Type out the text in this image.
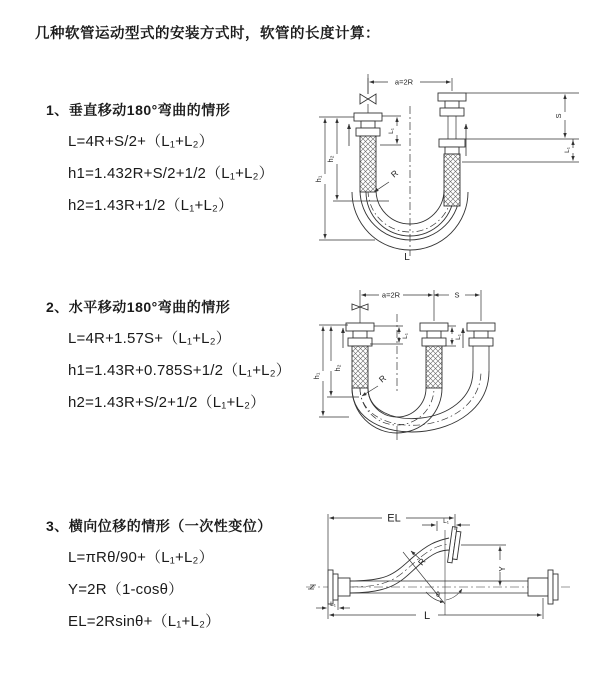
几种软管运动型式的安装方式时，软管的长度计算：
1、垂直移动180°弯曲的情形
L=4R+S/2+（L₁+L₂）
h1=1.432R+S/2+1/2（L₁+L₂）
h2=1.43R+1/2（L₁+L₂）
a=2R
h₁
h₂
L₁
S
L₁
R
L
2、水平移动180°弯曲的情形
L=4R+1.57S+（L₁+L₂）
h1=1.43R+0.785S+1/2（L₁+L₂）
h2=1.43R+S/2+1/2（L₁+L₂）
a=2R	S
h₁
h₂
L₁	L₁
R
3、横向位移的情形（一次性变位）
L=πRθ/90+（L₁+L₂）
Y=2R（1-cosθ）
EL=2Rsinθ+（L₁+L₂）
EL	L₁
Y
R
θ
L
L₁
